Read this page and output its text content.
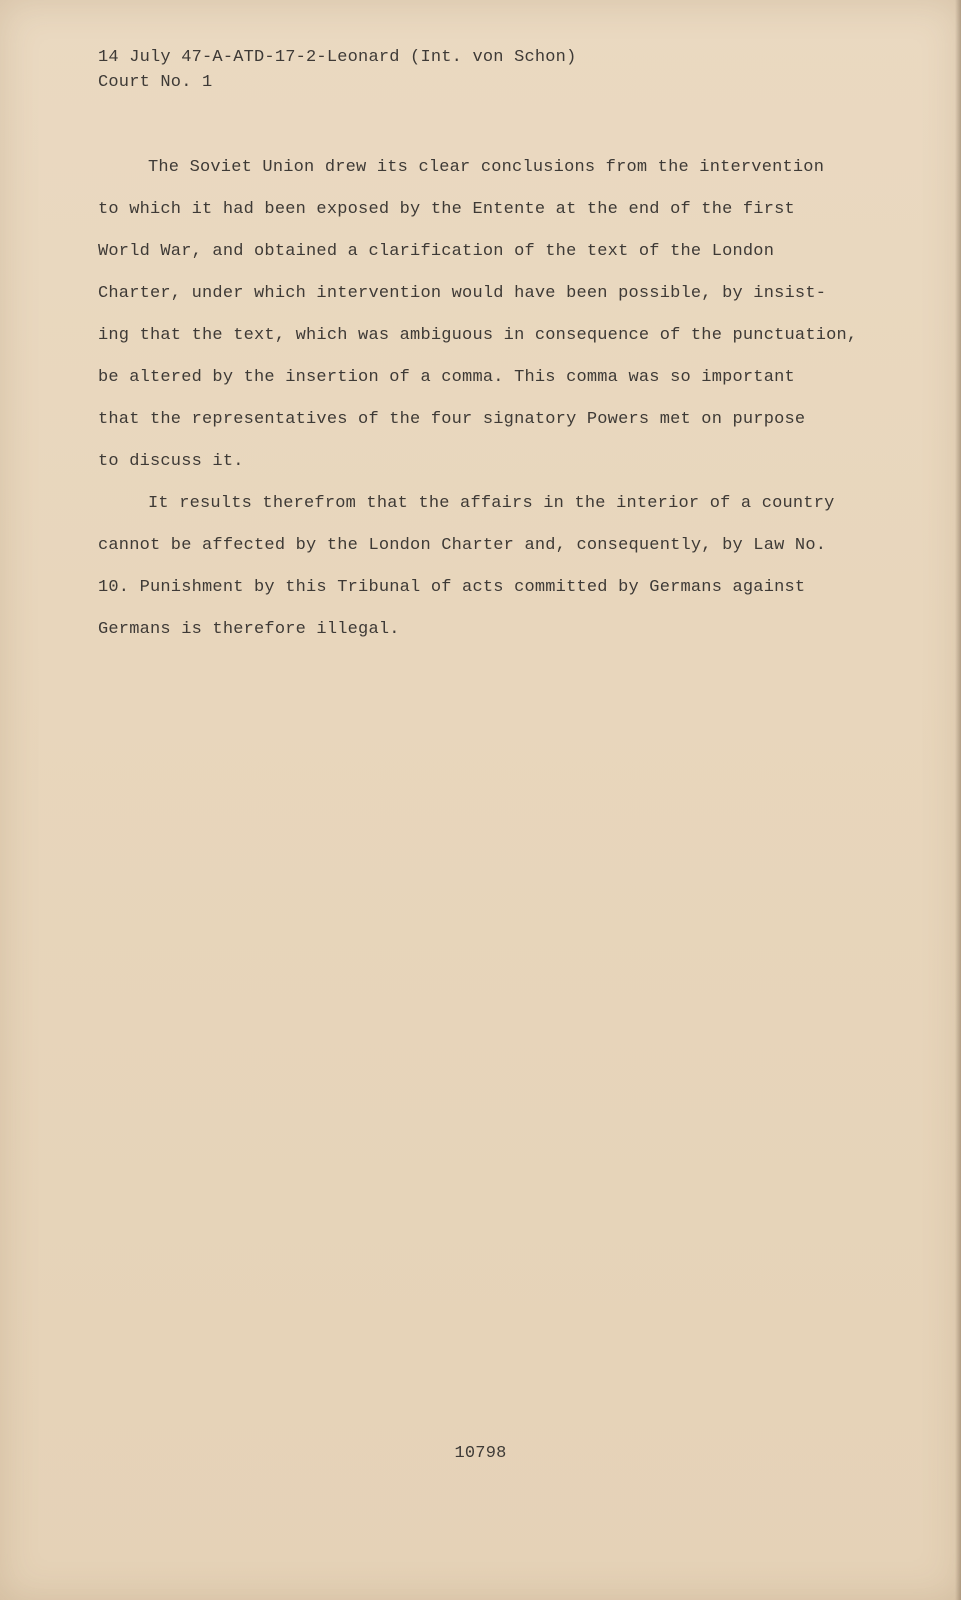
14 July 47-A-ATD-17-2-Leonard (Int. von Schon)
Court No. 1
The Soviet Union drew its clear conclusions from the intervention
to which it had been exposed by the Entente at the end of the first
World War, and obtained a clarification of the text of the London
Charter, under which intervention would have been possible, by insist-
ing that the text, which was ambiguous in consequence of the punctuation,
be altered by the insertion of a comma. This comma was so important
that the representatives of the four signatory Powers met on purpose
to discuss it.
It results therefrom that the affairs in the interior of a country
cannot be affected by the London Charter and, consequently, by Law No.
10. Punishment by this Tribunal of acts committed by Germans against
Germans is therefore illegal.
10798
